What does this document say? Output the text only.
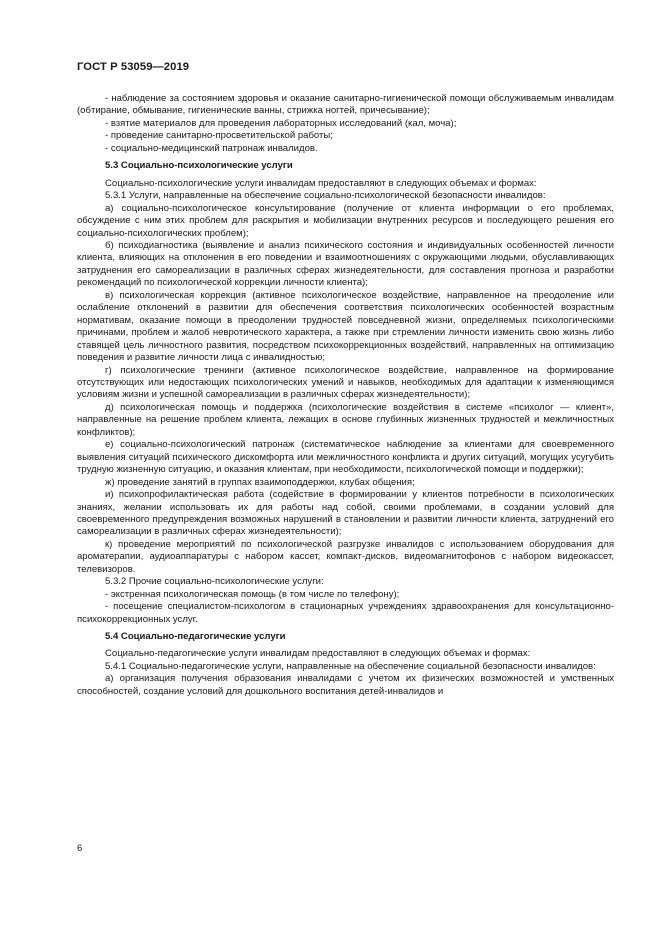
ГОСТ Р 53059—2019

- наблюдение за состоянием здоровья и оказание санитарно-гигиенической помощи обслуживаемым инвалидам (обтирание, обмывание, гигиенические ванны, стрижка ногтей, причесывание);

- взятие материалов для проведения лабораторных исследований (кал, моча);

- проведение санитарно-просветительской работы;

- социально-медицинский патронаж инвалидов.

5.3 Социально-психологические услуги

Социально-психологические услуги инвалидам предоставляют в следующих объемах и формах:

5.3.1 Услуги, направленные на обеспечение социально-психологической безопасности инвалидов:

а) социально-психологическое консультирование (получение от клиента информации о его проблемах, обсуждение с ним этих проблем для раскрытия и мобилизации внутренних ресурсов и последующего решения его социально-психологических проблем);

б) психодиагностика (выявление и анализ психического состояния и индивидуальных особенностей личности клиента, влияющих на отклонения в его поведении и взаимоотношениях с окружающими людьми, обуславливающих затруднения его самореализации в различных сферах жизнедеятельности, для составления прогноза и разработки рекомендаций по психологической коррекции личности клиента);

в) психологическая коррекция (активное психологическое воздействие, направленное на преодоление или ослабление отклонений в развитии для обеспечения соответствия психологических особенностей возрастным нормативам, оказание помощи в преодолении трудностей повседневной жизни, определяемых психологическими причинами, проблем и жалоб невротического характера, а также при стремлении личности изменить свою жизнь либо ставящей цель личностного развития, посредством психокоррекционных воздействий, направленных на оптимизацию поведения и развитие личности лица с инвалидностью;

г) психологические тренинги (активное психологическое воздействие, направленное на формирование отсутствующих или недостающих психологических умений и навыков, необходимых для адаптации к изменяющимся условиям жизни и успешной самореализации в различных сферах жизнедеятельности);

д) психологическая помощь и поддержка (психологические воздействия в системе «психолог — клиент», направленные на решение проблем клиента, лежащих в основе глубинных жизненных трудностей и межличностных конфликтов);

е) социально-психологический патронаж (систематическое наблюдение за клиентами для своевременного выявления ситуаций психического дискомфорта или межличностного конфликта и других ситуаций, могущих усугубить трудную жизненную ситуацию, и оказания клиентам, при необходимости, психологической помощи и поддержки);

ж) проведение занятий в группах взаимоподдержки, клубах общения;

и) психопрофилактическая работа (содействие в формировании у клиентов потребности в психологических знаниях, желании использовать их для работы над собой, своими проблемами, в создании условий для своевременного предупреждения возможных нарушений в становлении и развитии личности клиента, затруднений его самореализации в различных сферах жизнедеятельности);

к) проведение мероприятий по психологической разгрузке инвалидов с использованием оборудования для ароматерапии, аудиоаппаратуры с набором кассет, компакт-дисков, видеомагнитофонов с набором видеокассет, телевизоров.

5.3.2 Прочие социально-психологические услуги:

- экстренная психологическая помощь (в том числе по телефону);

- посещение специалистом-психологом в стационарных учреждениях здравоохранения для консультационно-психокоррекционных услуг.

5.4 Социально-педагогические услуги

Социально-педагогические услуги инвалидам предоставляют в следующих объемах и формах:

5.4.1 Социально-педагогические услуги, направленные на обеспечение социальной безопасности инвалидов:

а) организация получения образования инвалидами с учетом их физических возможностей и умственных способностей, создание условий для дошкольного воспитания детей-инвалидов и

6
